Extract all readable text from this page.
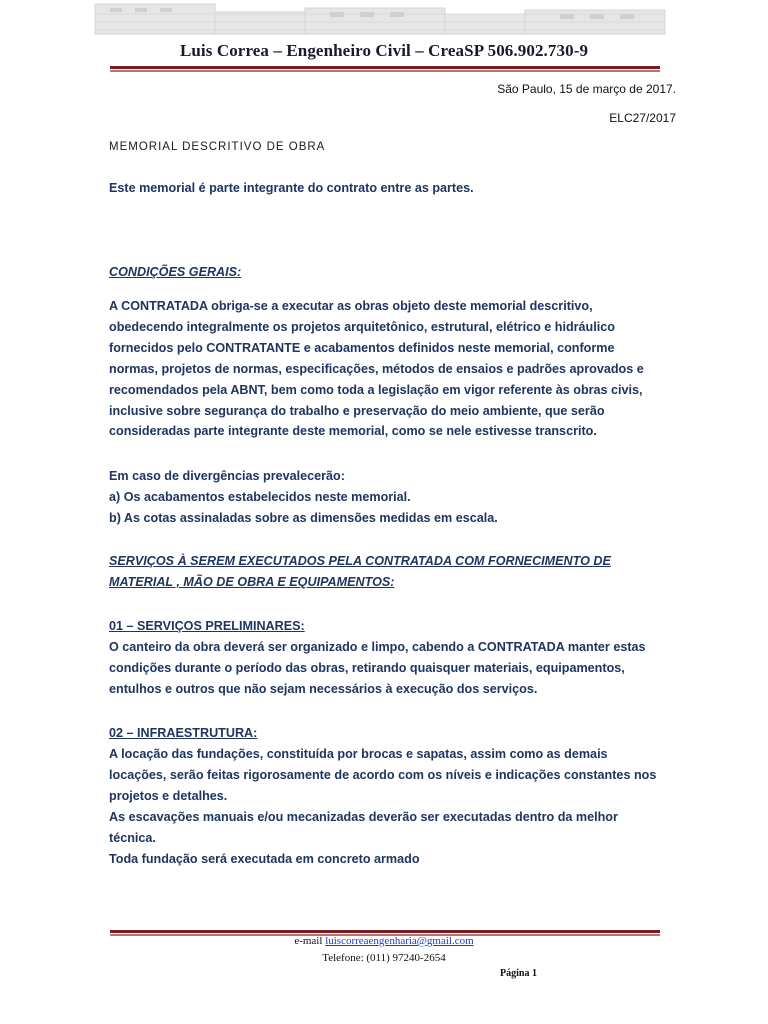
Luis Correa – Engenheiro Civil – CreaSP 506.902.730-9
São Paulo, 15 de março de 2017.
ELC27/2017
MEMORIAL DESCRITIVO DE OBRA
Este memorial é parte integrante do contrato entre as partes.
CONDIÇÕES GERAIS:
A CONTRATADA obriga-se a executar as obras objeto deste memorial descritivo,
obedecendo integralmente os projetos arquitetônico, estrutural, elétrico e hidráulico
fornecidos pelo CONTRATANTE e acabamentos definidos neste memorial, conforme
normas, projetos de normas, especificações, métodos de ensaios e padrões aprovados e
recomendados pela ABNT, bem como toda a legislação em vigor referente às obras civis,
inclusive sobre segurança do trabalho e preservação do meio ambiente, que serão
consideradas parte integrante deste memorial, como se nele estivesse transcrito.
Em caso de divergências prevalecerão:
a) Os acabamentos estabelecidos neste memorial.
b) As cotas assinaladas sobre as dimensões medidas em escala.
SERVIÇOS À SEREM EXECUTADOS PELA CONTRATADA COM FORNECIMENTO DE
MATERIAL , MÃO DE OBRA E EQUIPAMENTOS:
01 – SERVIÇOS PRELIMINARES:
O canteiro da obra deverá ser organizado e limpo, cabendo a CONTRATADA manter estas
condições durante o período das obras, retirando quaisquer materiais, equipamentos,
entulhos e outros que não sejam necessários à execução dos serviços.
02 – INFRAESTRUTURA:
A locação das fundações, constituída por brocas e sapatas, assim como as demais
locações, serão feitas rigorosamente de acordo com os níveis e indicações constantes nos
projetos e detalhes.
As escavações manuais e/ou mecanizadas deverão ser executadas dentro da melhor
técnica.
Toda fundação será executada em concreto armado
e-mail luiscorreaengenharia@gmail.com
Telefone: (011) 97240-2654
Página 1
